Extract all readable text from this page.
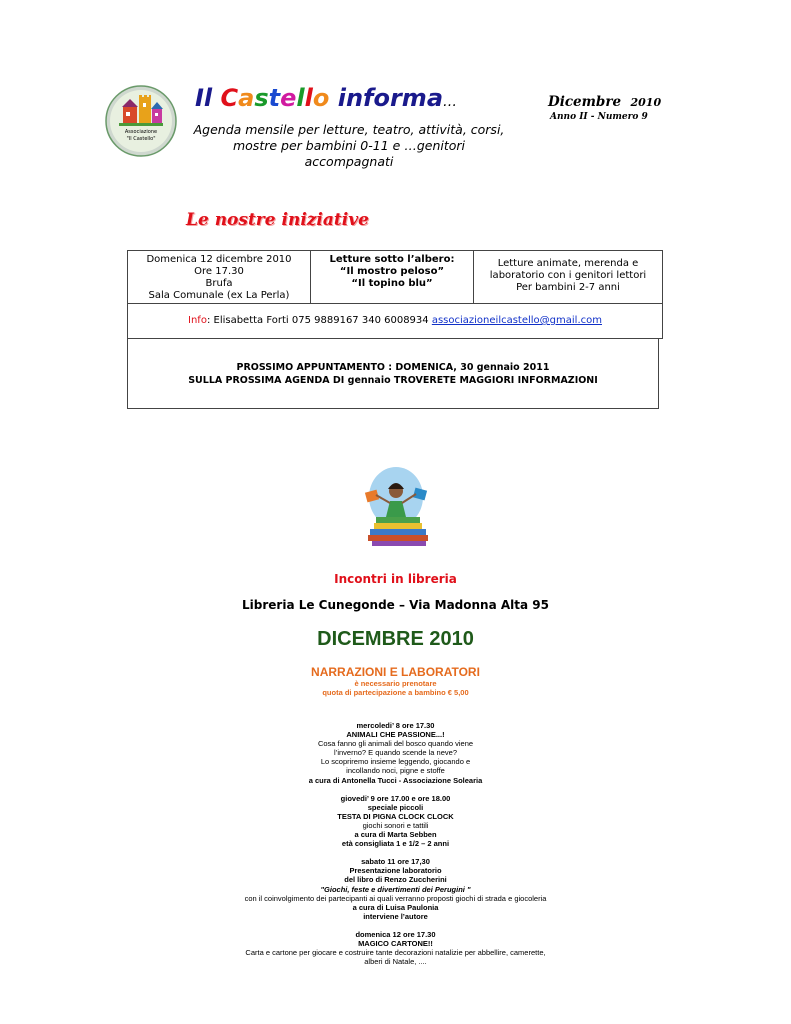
Associazione
"Il Castello"
Il Castello informa…
Agenda mensile per letture, teatro, attività, corsi,
mostre per bambini 0-11 e …genitori accompagnati
Dicembre 2010
Anno II - Numero 9
Le nostre iniziative
Domenica 12 dicembre 2010
Ore 17.30
Brufa
Sala Comunale (ex La Perla)
Letture sotto l’albero:
“Il mostro peloso”
“Il topino blu”
Letture animate, merenda e
laboratorio con i genitori lettori
Per bambini 2-7 anni
Info: Elisabetta Forti 075 9889167 340 6008934 associazioneilcastello@gmail.com
PROSSIMO APPUNTAMENTO : DOMENICA, 30 gennaio 2011
SULLA PROSSIMA AGENDA DI gennaio TROVERETE MAGGIORI INFORMAZIONI
Incontri in libreria
Libreria Le Cunegonde – Via Madonna Alta 95
DICEMBRE 2010
NARRAZIONI E LABORATORI
è necessario prenotare
quota di partecipazione a bambino € 5,00
mercoledi’ 8 ore 17.30
ANIMALI CHE PASSIONE...!
Cosa fanno gli animali del bosco quando viene
l’inverno? E quando scende la neve?
Lo scopriremo insieme leggendo, giocando e
incollando noci, pigne e stoffe
a cura di Antonella Tucci - Associazione Solearia
giovedi’ 9 ore 17.00 e ore 18.00
speciale piccoli
TESTA DI PIGNA CLOCK CLOCK
giochi sonori e tattili
a cura di Marta Sebben
età consigliata 1 e 1/2 – 2 anni
sabato 11 ore 17,30
Presentazione laboratorio
del libro di Renzo Zuccherini
"Giochi, feste e divertimenti dei Perugini "
con il coinvolgimento dei partecipanti ai quali verranno proposti giochi di strada e giocoleria
a cura di Luisa Paulonia
interviene l’autore
domenica 12 ore 17.30
MAGICO CARTONE!!
Carta e cartone per giocare e costruire tante decorazioni natalizie per abbellire, camerette,
alberi di Natale, ....
